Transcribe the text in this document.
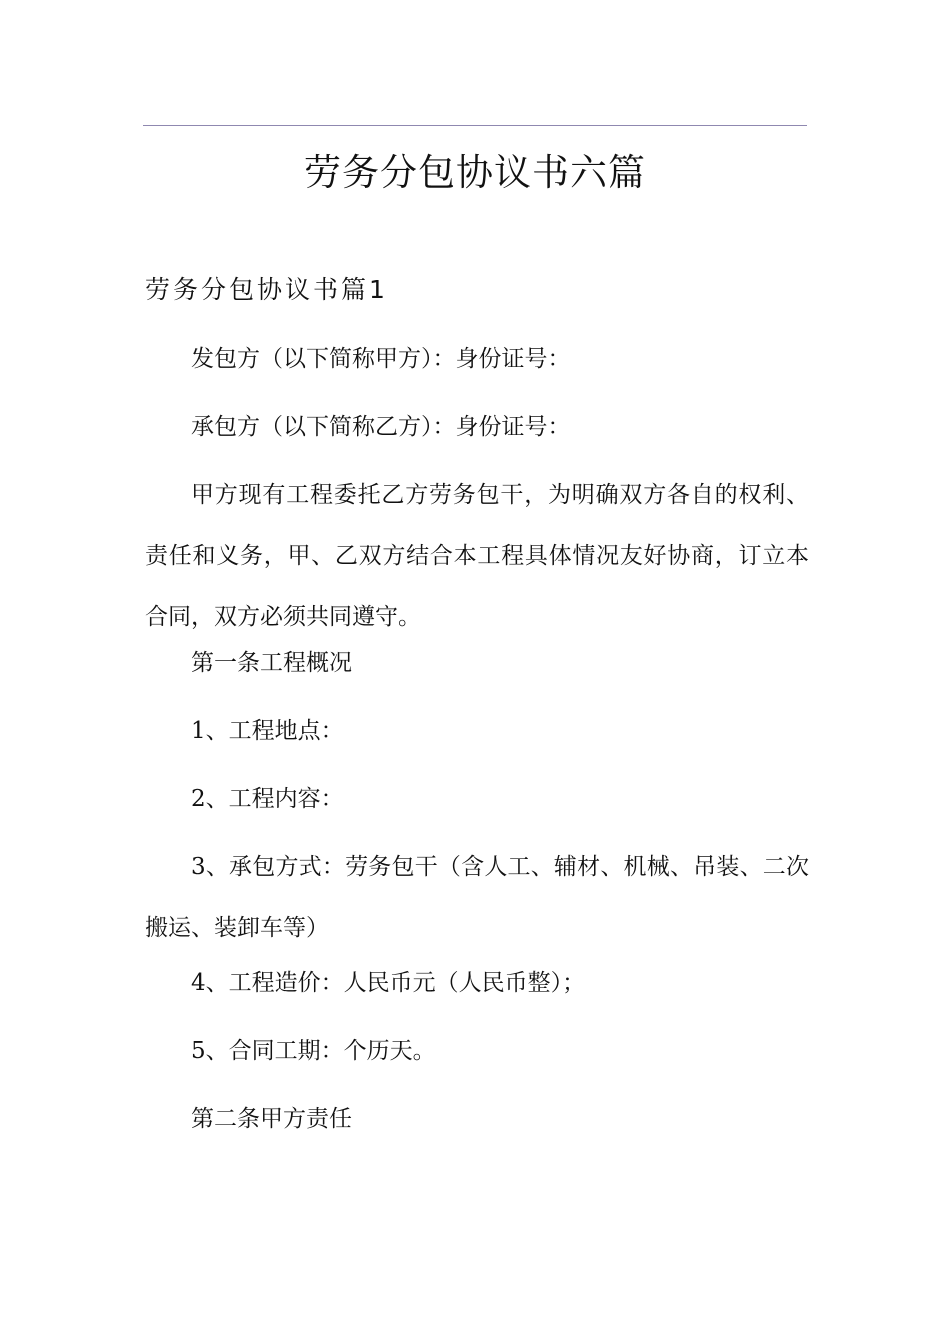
劳务分包协议书六篇
劳务分包协议书篇1

发包方（以下简称甲方）：身份证号：

承包方（以下简称乙方）：身份证号：

甲方现有工程委托乙方劳务包干，为明确双方各自的权利、责任和义务，甲、乙双方结合本工程具体情况友好协商，订立本合同，双方必须共同遵守。

第一条工程概况

1、工程地点：

2、工程内容：

3、承包方式：劳务包干（含人工、辅材、机械、吊装、二次搬运、装卸车等）

4、工程造价：人民币元（人民币整）；

5、合同工期：个历天。

第二条甲方责任
